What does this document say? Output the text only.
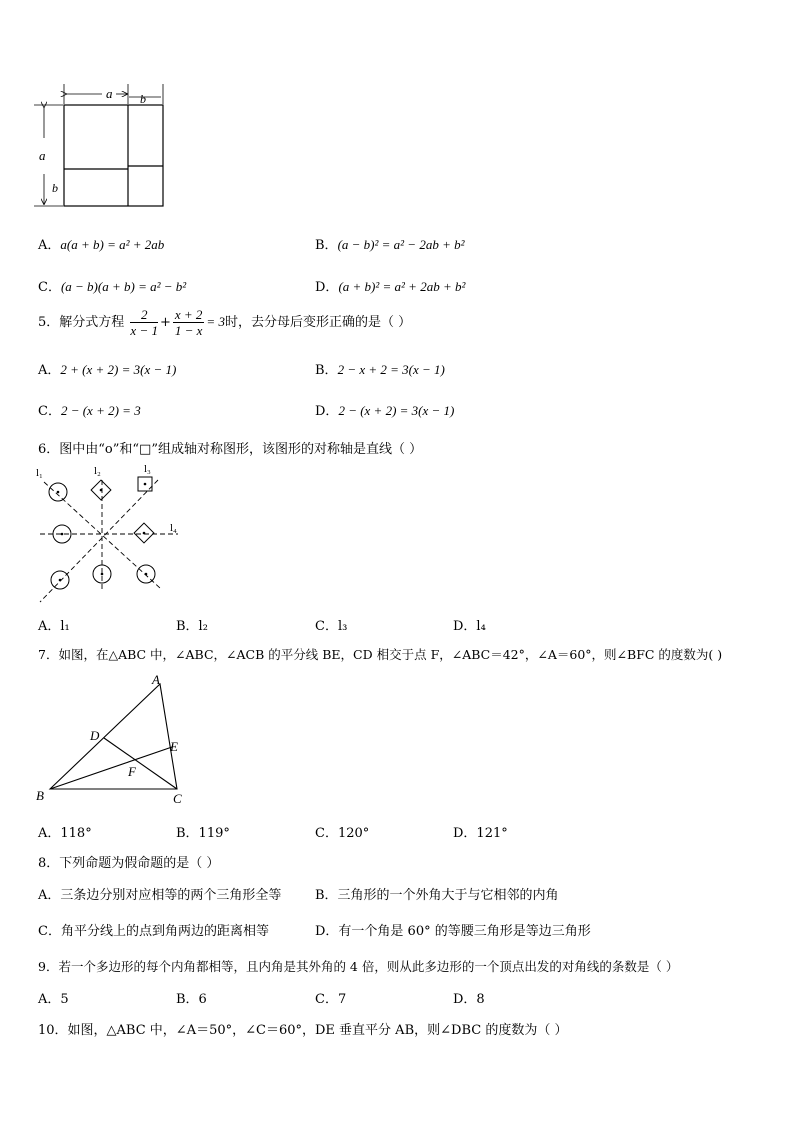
a b
a
b
A．a(a + b) = a² + 2ab	B．(a − b)² = a² − 2ab + b²
C．(a − b)(a + b) = a² − b²	D．(a + b)² = a² + 2ab + b²
5．解分式方程 $\frac{2}{x - 1} + \frac{x + 2}{1 - x} = 3$时，去分母后变形正确的是（ ）
A．2 + (x + 2) = 3(x − 1)	B．2 − x + 2 = 3(x − 1)
C．2 − (x + 2) = 3	D．2 − (x + 2) = 3(x − 1)
6．图中由“o”和“□”组成轴对称图形，该图形的对称轴是直线（ ）
l₁	l₂	l₃
l₄
A．l₁	B．l₂	C．l₃	D．l₄
7．如图，在△ABC 中，∠ABC，∠ACB 的平分线 BE，CD 相交于点 F，∠ABC＝42°，∠A＝60°，则∠BFC 的度数为( )
A
B	C
D
E
F
A．118°	B．119°	C．120°	D．121°
8．下列命题为假命题的是（ ）
A．三条边分别对应相等的两个三角形全等	B．三角形的一个外角大于与它相邻的内角
C．角平分线上的点到角两边的距离相等	D．有一个角是 60° 的等腰三角形是等边三角形
9．若一个多边形的每个内角都相等，且内角是其外角的 4 倍，则从此多边形的一个顶点出发的对角线的条数是（ ）
A．5	B．6	C．7	D．8
10．如图，△ABC 中，∠A＝50°，∠C＝60°，DE 垂直平分 AB，则∠DBC 的度数为（ ）
